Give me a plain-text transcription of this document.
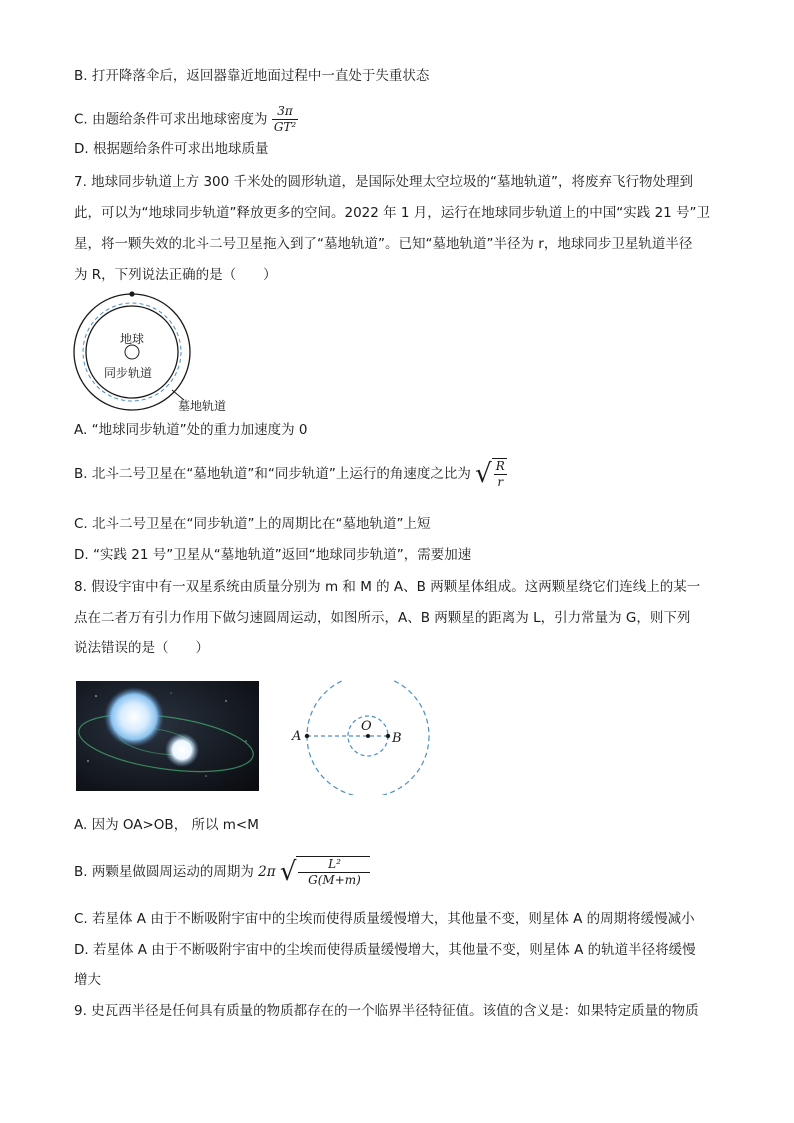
B. 打开降落伞后，返回器靠近地面过程中一直处于失重状态
C. 由题给条件可求出地球密度为 $\frac{3\pi}{\text{GT²}}$
D. 根据题给条件可求出地球质量
7. 地球同步轨道上方 300 千米处的圆形轨道，是国际处理太空垃圾的“墓地轨道”，将废弃飞行物处理到
此，可以为“地球同步轨道”释放更多的空间。2022 年 1 月，运行在地球同步轨道上的中国“实践 21 号”卫
星，将一颗失效的北斗二号卫星拖入到了“墓地轨道”。已知“墓地轨道”半径为 r，地球同步卫星轨道半径
为 R，下列说法正确的是（　　）
地球
同步轨道
墓地轨道
A. “地球同步轨道”处的重力加速度为 0
B. 北斗二号卫星在“墓地轨道”和“同步轨道”上运行的角速度之比为 √ $\frac{R}{r}$
C. 北斗二号卫星在“同步轨道”上的周期比在“墓地轨道”上短
D. “实践 21 号”卫星从“墓地轨道”返回“地球同步轨道”，需要加速
8. 假设宇宙中有一双星系统由质量分别为 m 和 M 的 A、B 两颗星体组成。这两颗星绕它们连线上的某一
点在二者万有引力作用下做匀速圆周运动，如图所示，A、B 两颗星的距离为 L，引力常量为 G，则下列
说法错误的是（　　）
A
O
B
A. 因为 OA>OB， 所以 m<M
B. 两颗星做圆周运动的周期为 2π √ $\frac{\text{L²}}{G(M+m)}$
C. 若星体 A 由于不断吸附宇宙中的尘埃而使得质量缓慢增大，其他量不变，则星体 A 的周期将缓慢减小
D. 若星体 A 由于不断吸附宇宙中的尘埃而使得质量缓慢增大，其他量不变，则星体 A 的轨道半径将缓慢
增大
9. 史瓦西半径是任何具有质量的物质都存在的一个临界半径特征值。该值的含义是：如果特定质量的物质
